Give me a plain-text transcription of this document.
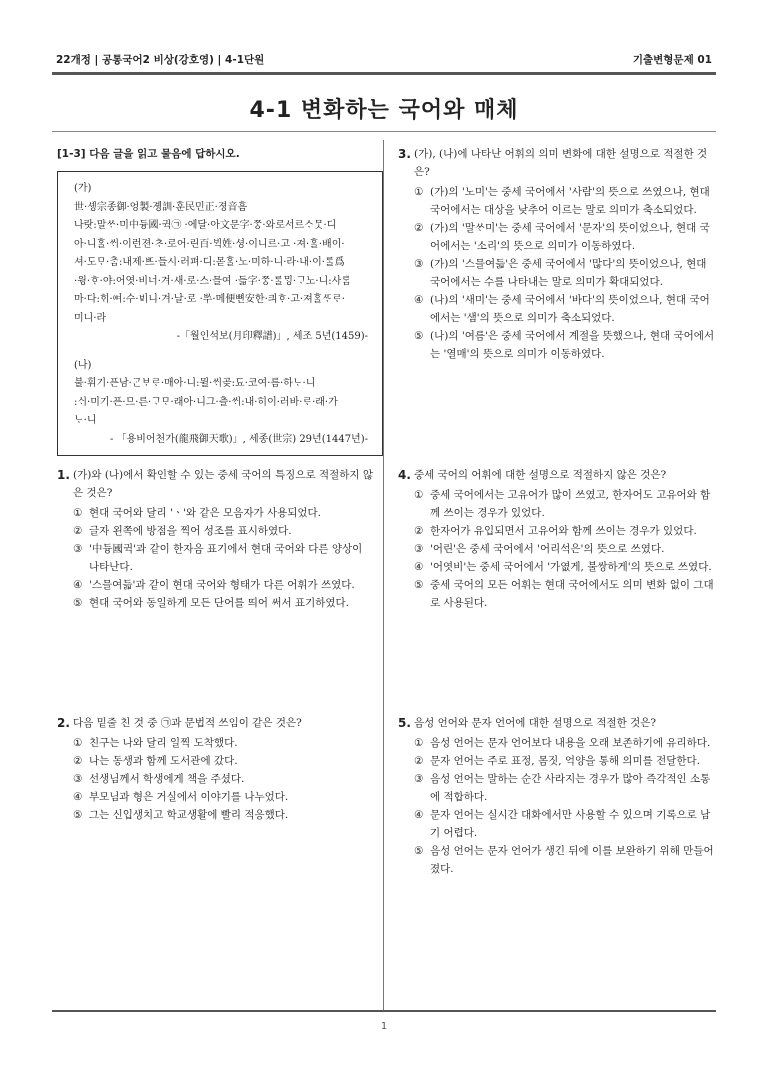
22개정 | 공통국어2 비상(강호영) | 4-1단원	기출변형문제 01
4-1 변화하는 국어와 매체
[1-3] 다음 글을 읽고 물음에 답하시오.
(가)
世·솅宗종御·엉製·졩訓·훈民민正·졍音흠
나랏:말ᄊᆞ·미中듕國·귁㉠ ·에달·아文문字·ᄍᆞᆼ·와로서르ᄉᆞᄆᆞᆺ·디
아·니ᄒᆞᆯ·ᄊᆡ·이런젼·ᄎᆞ·로어·린百·ᄇᆡᆨ姓·셩·이니르·고 ·져·ᄒᆞᆯ·배이·
셔·도ᄆᆞ·ᄎᆞᆷ:내제·ᄠᅳ·들시·러펴·디:몯ᄒᆞᆯ·노·미하·니·라·내·이·ᄅᆞᆯ爲
·윙·ᄒᆞ·야:어엿·비너·겨·새·로·스·믈여 ·듧字·ᄍᆞᆼ·ᄅᆞᆯᄆᆡᆼ·ᄀᆞ노·니:사ᄅᆞᆷ
마·다:ᄒᆡ·ᅇᅧ:수·ᄫᅵ니·겨·날·로 ·ᄡᅮ·메便뼌安한·킈ᄒᆞ·고·져ᄒᆞᆯᄯᆞᄅᆞ·
미니·라
-「월인석보(月印釋譜)」, 세조 5년(1459)-
(나)
불·휘기·픈남·ᄀᆞᆫᄇᆞᄅᆞ·매아·니:뮐·ᄊᆡ곶:됴·코여·름·하ᄂᆞ·니
:ᄉᆡ·미기·픈·므·른·ᄀᆞᄆᆞ·래아·니그·츨·ᄊᆡ:내·히이·러바·ᄅᆞ·래·가
ᄂᆞ·니
- 「용비어천가(龍飛御天歌)」, 세종(世宗) 29년(1447년)-
1. (가)와 (나)에서 확인할 수 있는 중세 국어의 특징으로 적절하지 않은 것은?
① 현대 국어와 달리 'ㆍ'와 같은 모음자가 사용되었다.
② 글자 왼쪽에 방점을 찍어 성조를 표시하였다.
③ '中듕國귁'과 같이 한자음 표기에서 현대 국어와 다른 양상이 나타난다.
④ '스믈여듧'과 같이 현대 국어와 형태가 다른 어휘가 쓰였다.
⑤ 현대 국어와 동일하게 모든 단어를 띄어 써서 표기하였다.
2. 다음 밑줄 친 것 중 ㉠과 문법적 쓰임이 같은 것은?
① 친구는 나와 달리 일찍 도착했다.
② 나는 동생과 함께 도서관에 갔다.
③ 선생님께서 학생에게 책을 주셨다.
④ 부모님과 형은 거실에서 이야기를 나누었다.
⑤ 그는 신입생치고 학교생활에 빨리 적응했다.
3. (가), (나)에 나타난 어휘의 의미 변화에 대한 설명으로 적절한 것은?
① (가)의 '노미'는 중세 국어에서 '사람'의 뜻으로 쓰였으나, 현대 국어에서는 대상을 낮추어 이르는 말로 의미가 축소되었다.
② (가)의 '말ᄊᆞ미'는 중세 국어에서 '문자'의 뜻이었으나, 현대 국어에서는 '소리'의 뜻으로 의미가 이동하였다.
③ (가)의 '스믈여듧'은 중세 국어에서 '많다'의 뜻이었으나, 현대 국어에서는 수를 나타내는 말로 의미가 확대되었다.
④ (나)의 '새미'는 중세 국어에서 '바다'의 뜻이었으나, 현대 국어에서는 '샘'의 뜻으로 의미가 축소되었다.
⑤ (나)의 '여름'은 중세 국어에서 계절을 뜻했으나, 현대 국어에서는 '열매'의 뜻으로 의미가 이동하였다.
4. 중세 국어의 어휘에 대한 설명으로 적절하지 않은 것은?
① 중세 국어에서는 고유어가 많이 쓰였고, 한자어도 고유어와 함께 쓰이는 경우가 있었다.
② 한자어가 유입되면서 고유어와 함께 쓰이는 경우가 있었다.
③ '어린'은 중세 국어에서 '어리석은'의 뜻으로 쓰였다.
④ '어엿비'는 중세 국어에서 '가엾게, 불쌍하게'의 뜻으로 쓰였다.
⑤ 중세 국어의 모든 어휘는 현대 국어에서도 의미 변화 없이 그대로 사용된다.
5. 음성 언어와 문자 언어에 대한 설명으로 적절한 것은?
① 음성 언어는 문자 언어보다 내용을 오래 보존하기에 유리하다.
② 문자 언어는 주로 표정, 몸짓, 억양을 통해 의미를 전달한다.
③ 음성 언어는 말하는 순간 사라지는 경우가 많아 즉각적인 소통에 적합하다.
④ 문자 언어는 실시간 대화에서만 사용할 수 있으며 기록으로 남기 어렵다.
⑤ 음성 언어는 문자 언어가 생긴 뒤에 이를 보완하기 위해 만들어졌다.
1
